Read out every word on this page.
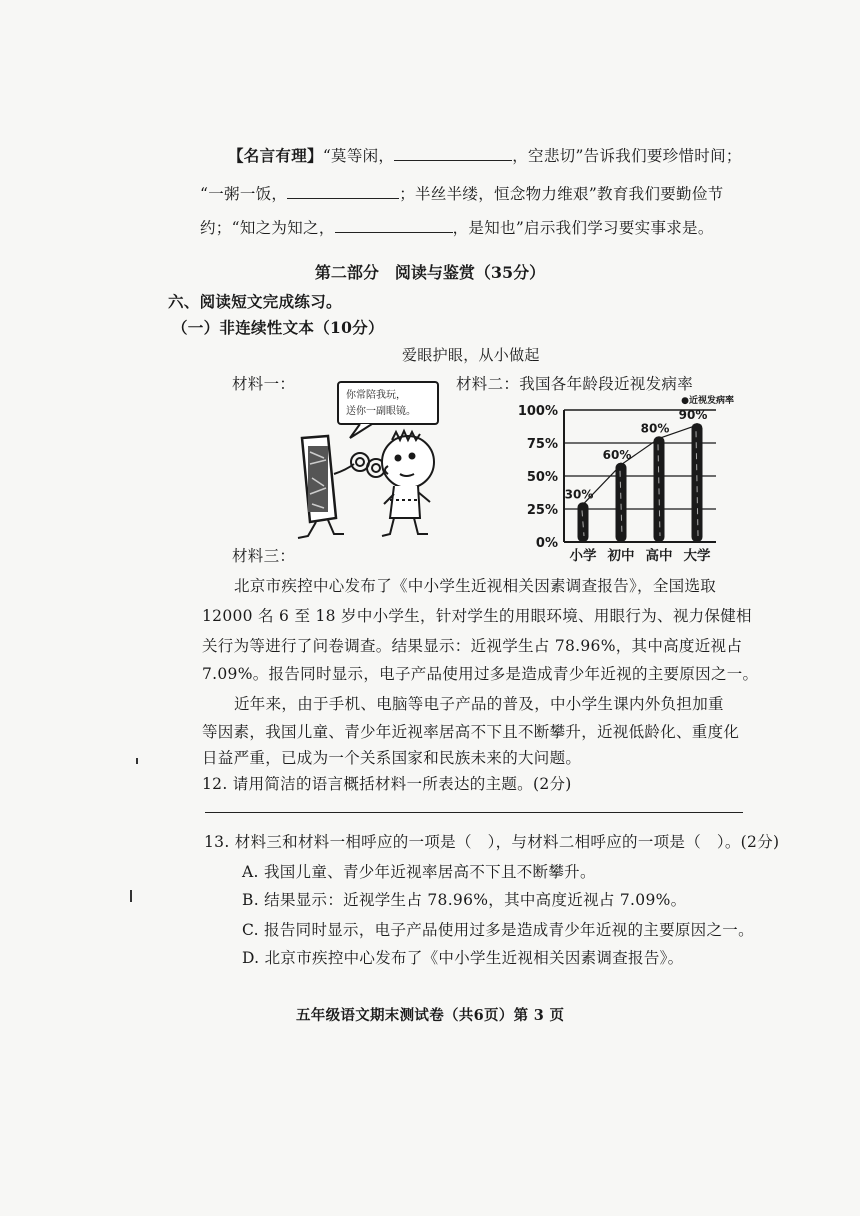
【名言有理】“莫等闲，	，空悲切”告诉我们要珍惜时间；
“一粥一饭，	；半丝半缕，恒念物力维艰”教育我们要勤俭节
约；“知之为知之，	，是知也”启示我们学习要实事求是。
第二部分　阅读与鉴赏（35分）
六、阅读短文完成练习。
（一）非连续性文本（10分）
爱眼护眼，从小做起
材料一：
你常陪我玩，
送你一副眼镜。
材料二：我国各年龄段近视发病率
0%
25%
50%
75%
100%
30%
小学
60%
初中
80%
高中
90%
大学
●近视发病率
材料三：
北京市疾控中心发布了《中小学生近视相关因素调查报告》，全国选取
12000 名 6 至 18 岁中小学生，针对学生的用眼环境、用眼行为、视力保健相
关行为等进行了问卷调查。结果显示：近视学生占 78.96%，其中高度近视占
7.09%。报告同时显示，电子产品使用过多是造成青少年近视的主要原因之一。
近年来，由于手机、电脑等电子产品的普及，中小学生课内外负担加重
等因素，我国儿童、青少年近视率居高不下且不断攀升，近视低龄化、重度化
日益严重，已成为一个关系国家和民族未来的大问题。
12. 请用简洁的语言概括材料一所表达的主题。(2分)
13. 材料三和材料一相呼应的一项是（　），与材料二相呼应的一项是（　）。(2分)
A. 我国儿童、青少年近视率居高不下且不断攀升。
B. 结果显示：近视学生占 78.96%，其中高度近视占 7.09%。
C. 报告同时显示，电子产品使用过多是造成青少年近视的主要原因之一。
D. 北京市疾控中心发布了《中小学生近视相关因素调查报告》。
五年级语文期末测试卷（共6页）第 3 页
